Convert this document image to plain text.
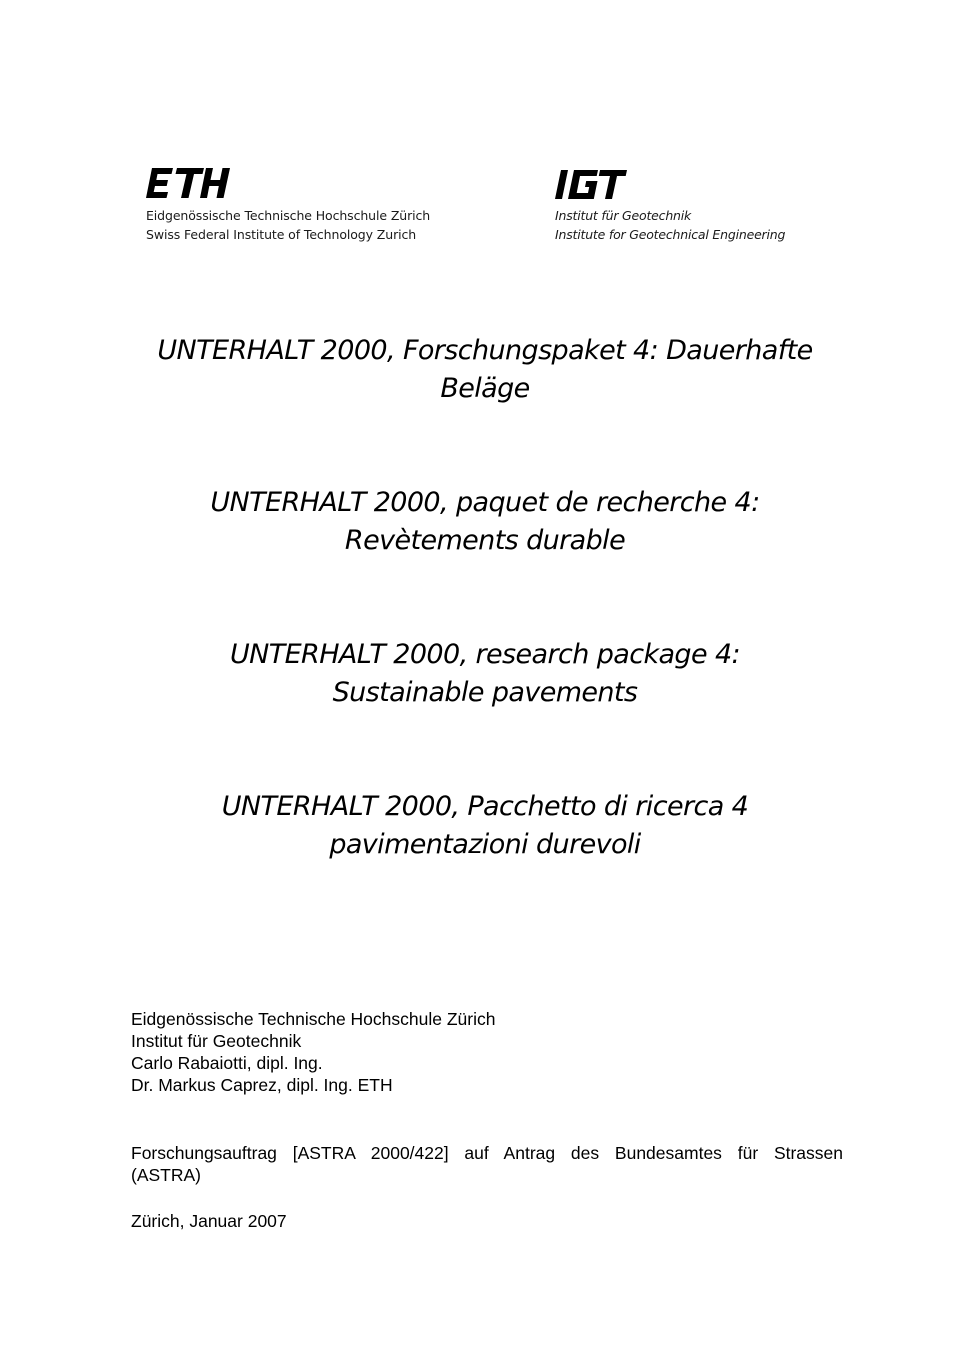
Eidgenössische Technische Hochschule Zürich
Swiss Federal Institute of Technology Zurich
Institut für Geotechnik
Institute for Geotechnical Engineering
UNTERHALT 2000, Forschungspaket 4: Dauerhafte
Beläge
UNTERHALT 2000, paquet de recherche 4:
Revètements durable
UNTERHALT 2000, research package 4:
Sustainable pavements
UNTERHALT 2000, Pacchetto di ricerca 4
pavimentazioni durevoli
Eidgenössische Technische Hochschule Zürich
Institut für Geotechnik
Carlo Rabaiotti, dipl. Ing.
Dr. Markus Caprez, dipl. Ing. ETH
Forschungsauftrag [ASTRA 2000/422] auf Antrag des Bundesamtes für Strassen
(ASTRA)
Zürich, Januar 2007
